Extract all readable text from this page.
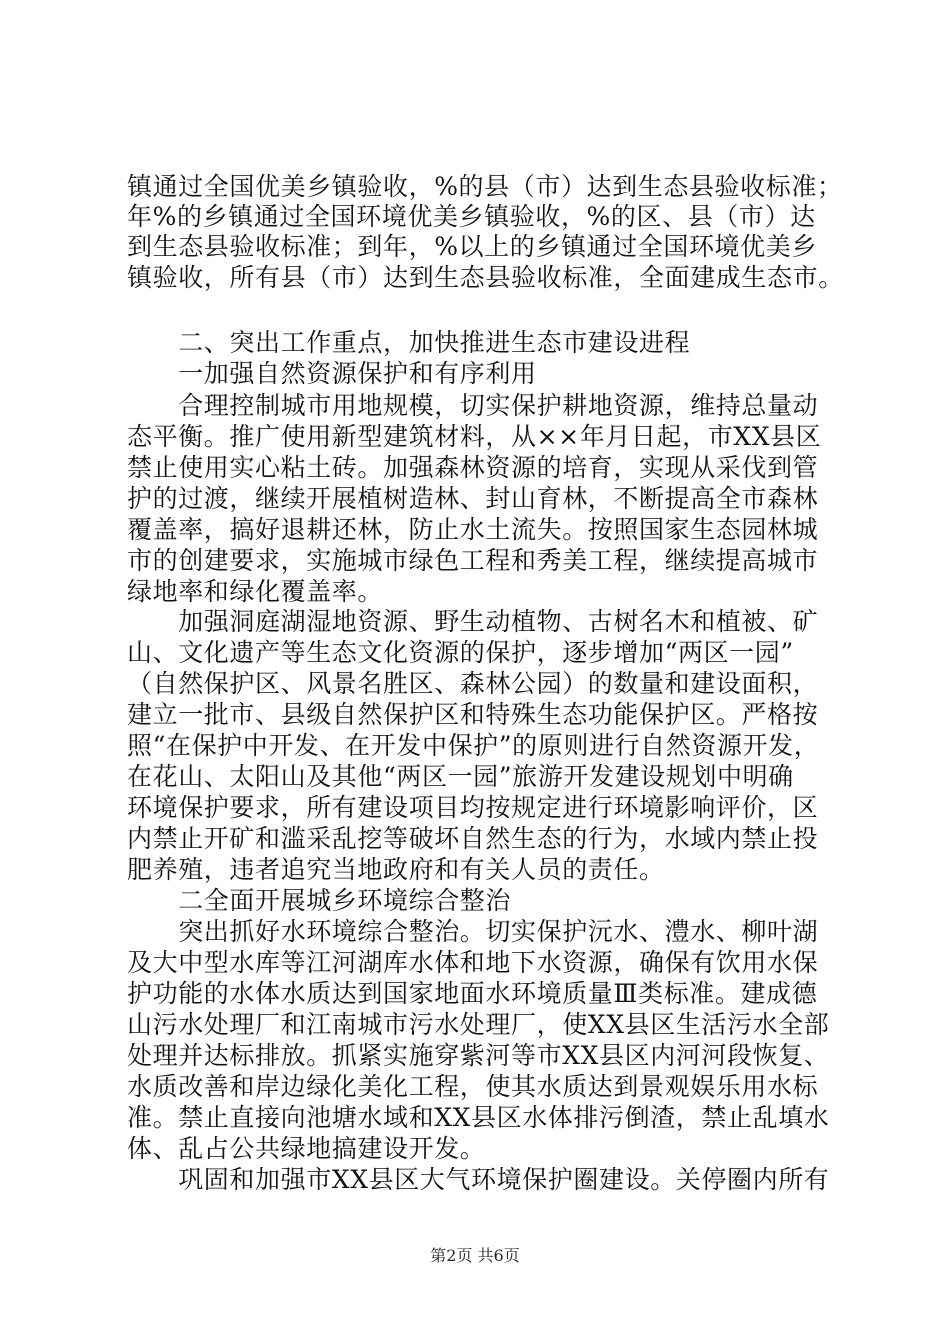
镇通过全国优美乡镇验收，%的县（市）达到生态县验收标准；
年%的乡镇通过全国环境优美乡镇验收，%的区、县（市）达
到生态县验收标准；到年，%以上的乡镇通过全国环境优美乡
镇验收，所有县（市）达到生态县验收标准，全面建成生态市。
　　二、突出工作重点，加快推进生态市建设进程
　　一加强自然资源保护和有序利用
　　合理控制城市用地规模，切实保护耕地资源，维持总量动
态平衡。推广使用新型建筑材料，从××年月日起，市XX县区
禁止使用实心粘土砖。加强森林资源的培育，实现从采伐到管
护的过渡，继续开展植树造林、封山育林，不断提高全市森林
覆盖率，搞好退耕还林，防止水土流失。按照国家生态园林城
市的创建要求，实施城市绿色工程和秀美工程，继续提高城市
绿地率和绿化覆盖率。
　　加强洞庭湖湿地资源、野生动植物、古树名木和植被、矿
山、文化遗产等生态文化资源的保护，逐步增加“两区一园”
（自然保护区、风景名胜区、森林公园）的数量和建设面积，
建立一批市、县级自然保护区和特殊生态功能保护区。严格按
照“在保护中开发、在开发中保护”的原则进行自然资源开发，
在花山、太阳山及其他“两区一园”旅游开发建设规划中明确
环境保护要求，所有建设项目均按规定进行环境影响评价，区
内禁止开矿和滥采乱挖等破坏自然生态的行为，水域内禁止投
肥养殖，违者追究当地政府和有关人员的责任。
　　二全面开展城乡环境综合整治
　　突出抓好水环境综合整治。切实保护沅水、澧水、柳叶湖
及大中型水库等江河湖库水体和地下水资源，确保有饮用水保
护功能的水体水质达到国家地面水环境质量Ⅲ类标准。建成德
山污水处理厂和江南城市污水处理厂，使XX县区生活污水全部
处理并达标排放。抓紧实施穿紫河等市XX县区内河河段恢复、
水质改善和岸边绿化美化工程，使其水质达到景观娱乐用水标
准。禁止直接向池塘水域和XX县区水体排污倒渣，禁止乱填水
体、乱占公共绿地搞建设开发。
　　巩固和加强市XX县区大气环境保护圈建设。关停圈内所有
第2页 共6页
